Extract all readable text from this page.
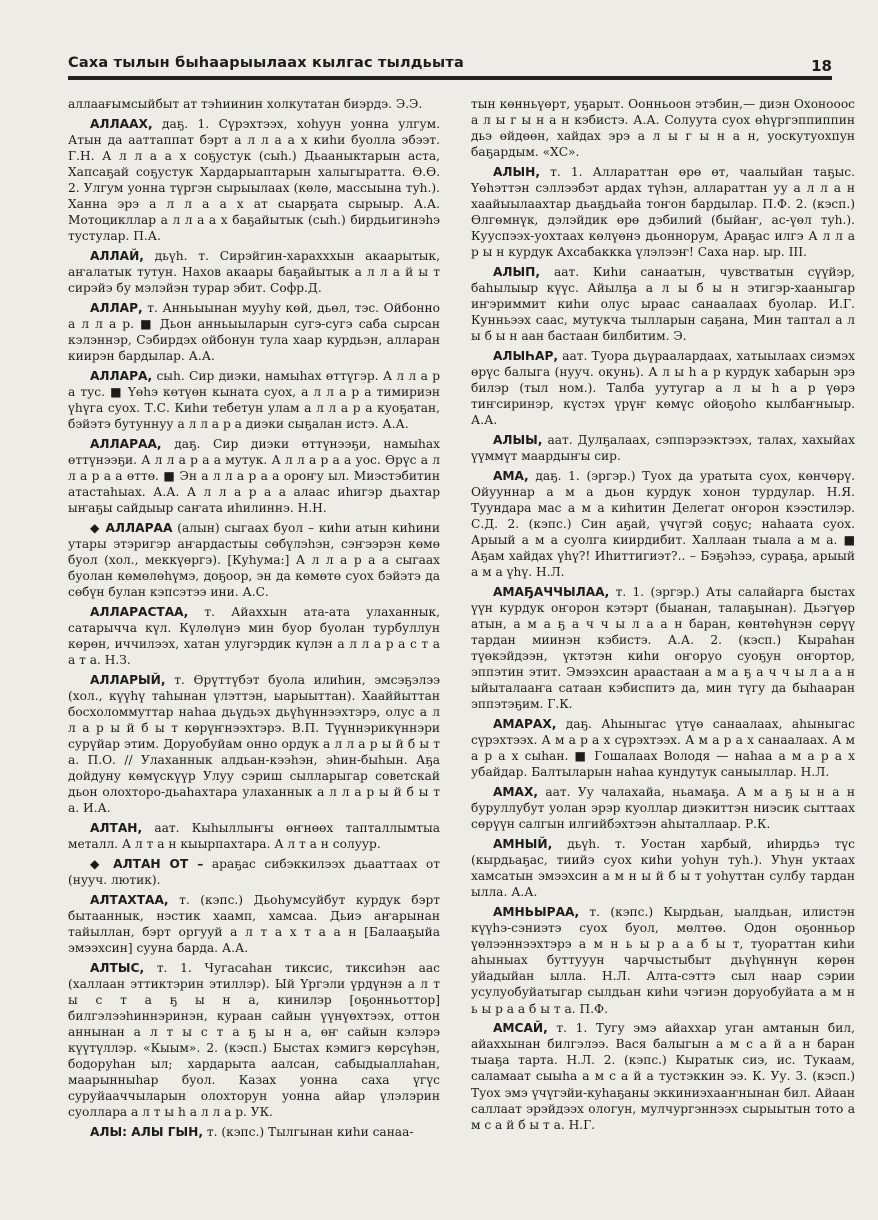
Саха тылын быһаарыылаах кылгас тылдьыта	18

аллаағымсыйбыт ат тэһиинин холкутатан биэрдэ. Э.Э.

АЛЛААХ, даҕ. 1. Сүрэхтээх, хоһуун уонна улгум. Атын да ааттаппат бэрт а л л а а х киһи буолла эбээт. Г.Н. А л л а а х соҕустук (сыһ.) Дьааныктарын аста, Хапсаҕай соҕустук Хардарыаптарын халыгыратта. Ө.Ө. 2. Улгум уонна түргэн сырыылаах (көлө, массыына туһ.). Ханна эрэ а л л а а х ат сыарҕата сырыыр. А.А. Мотоцикллар а л л а а х баҕайытык (сыһ.) бирдьигинэһэ тустулар. П.А.

АЛЛАЙ, дьүһ. т. Сирэйгин-харахххын акаарытык, аҥалатык тутун. Нахов акаары баҕайытык а л л а й ы т сирэйэ бу мэлэйэн турар эбит. Софр.Д.

АЛЛАР, т. Анньыынан мууһу көй, дьөл, тэс. Ойбонно а л л а р. ■ Дьон анньыыларын сугэ-сугэ саба сырсан кэлэннэр, Сэбирдэх ойбонун тула хаар курдьэн, алларан киирэн бардылар. А.А.

АЛЛАРА, сыһ. Сир диэки, намыһах өттүгэр. А л л а р а тус. ■ Үөһэ көтүөн кыната суох, а л л а р а тимириэн үһүга суох. Т.С. Киһи тебетун улам а л л а р а куоҕатан, бэйэтэ бутуннуу а л л а р а диэки сыҕалан истэ. А.А.

АЛЛАРАА, даҕ. Сир диэки өттүнээҕи, намыһах өттүнээҕи. А л л а р а а мутук. А л л а р а а уос. Өрүс а л л а р а а өттө. ■ Эн а л л а р а а ороҥу ыл. Миэстэбитин атастаһыах. А.А. А л л а р а а алаас иһигэр дьахтар ыҥаҕы сайдыыр саҥата иһилиннэ. Н.Н.

◆ АЛЛАРАА (алын) сыгаах буол – киһи атын киһини утары этэригэр аҥардастыы сөбүлэһэн, сэҥээрэн көмө буол (хол., меккүөргэ). [Куһума:] А л л а р а а сыгаах буолан көмөлөһүмэ, доҕоор, эн да көмөтө суох бэйэтэ да сөбүн булан кэпсэтээ ини. А.С.

АЛЛАРАСТАА, т. Айаххын ата-ата улаханнык, сатарычча күл. Күлөлүнэ мин буор буолан турбуллун көрөн, иччилээх, хатан улугэрдик күлэн а л л а р а с т а а т а. Н.З.

АЛЛАРЫЙ, т. Өрүттүбэт буола илиһин, эмсэҕэлээ (хол., күүһү таһынан үлэттэн, ыарыыттан). Хааййыттан босхоломмуттар наһаа дьүдьэх дьүһүннээхтэрэ, олус а л л а р ы й б ы т көрүҥнээхтэрэ. В.П. Түүннэрикүннэри сурүйар этим. Доруобуйам онно ордук а л л а р ы й б ы т а. П.О. // Улаханнык алдьан-кээһэн, эһин-быһын. Аҕа дойдуну көмүскүүр Улуу сэриш сылларыгар советскай дьон олохторо-дьаһахтара улаханнык а л л а р ы й б ы т а. И.А.

АЛТАН, аат. Кыһыллыҥы өҥнөөх тапталлымтыа металл. А л т а н кыырпахтара. А л т а н солуур.

◆ АЛТАН ОТ – араҕас сибэккилээх дьааттаах от (нууч. лютик).

АЛТАХТАА, т. (кэпс.) Дьоһумсуйбут курдук бэрт бытааннык, нэстик хаамп, хамсаа. Дьиэ аҥарынан тайыллан, бэрт оргууй а л т а х т а а н [Балааҕыйа эмээхсин] сууна барда. А.А.

АЛТЫС, т. 1. Чугасаһан тиксис, тиксиһэн аас (халлаан эттиктэрин этиллэр). Ый Үргэли үрдүнэн а л т ы с т а ҕ ы н а, кинилэр [оҕонньоттор] билгэлээһиннэринэн, кураан сайын үүнүөхтээх, оттон аннынан а л т ы с т а ҕ ы н а, өҥ сайын кэлэрэ күүтүллэр. «Кыым». 2. (кэсп.) Быстах кэмигэ көрсүһэн, бодоруһан ыл; хардарыта аалсан, сабыдыаллаһан, маарынныһар буол. Казах уонна саха үгүс суруйааччыларын олохторун уонна айар үлэлэрин суоллара а л т ы һ а л л а р. УК.

АЛЫ: АЛЫ ГЫН, т. (кэпс.) Тылгынан киһи санаа-

тын көнньүөрт, уҕарыт. Оонньоон этэбин,— диэн Охонооос а л ы г ы н а н кэбистэ. А.А. Солуута суох өһүргэппиппин дьэ өйдөөн, хайдах эрэ а л ы г ы н а н, уоскутуохпун баҕардым. «ХС».

АЛЫН, т. 1. Аллараттан өрө өт, чаалыйан таҕыс. Үөһэттэн сэллээбэт ардах түһэн, аллараттан уу а л л а н хаайыылаахтар дьаҕдьайа тоҥон бардылар. П.Ф. 2. (кэсп.) Өлгөмнүк, дэлэйдик өрө дэбилий (быйаҥ, ас-үөл туһ.). Кууспээх-уохтаах көлүөнэ дьоннорум, Араҕас илгэ А л л а р ы н курдук Ахсабаккка үлэлээҥ! Саха нар. ыр. III.

АЛЫП, аат. Киһи санаатын, чувстватын сүүйэр, баһылыыр күүс. Айылҕа а л ы б ы н этигэр-хааныгар иҥэриммит киһи олус ыраас санаалаах буолар. И.Г. Кунньээх саас, мутукча тылларын саҕана, Мин таптал а л ы б ы н аан бастаан билбитим. Э.

АЛЫҺАР, аат. Туора дьүраалардаах, хатыылаах сиэмэх өрүс балыга (нууч. окунь). А л ы һ а р курдук хабарын эрэ билэр (тыл ном.). Талба уутугар а л ы һ а р үөрэ тиҥсиринэр, күстэх үрүҥ көмүс ойоҕоһо кылбаҥныыр. А.А.

АЛЫЫ, аат. Дулҕалаах, сэппэрээктээх, талах, хахыйах үүммүт маардыҥы сир.

АМА, даҕ. 1. (эргэр.) Туох да уратыта суох, көнчөрү. Ойууннар а м а дьон курдук хонон турдулар. Н.Я. Туундара мас а м а киһитин Делегат оҥорон кээстилэр. С.Д. 2. (кэпс.) Син аҕай, үчүгэй соҕус; наһаата суох. Арыый а м а суолга киирдибит. Халлаан тыала а м а. ■ Аҕам хайдах үһү?! Иһиттигиэт?.. – Бэҕэһээ, сураҕа, арыый а м а үһү. Н.Л.

АМАҔАЧЧЫЛАА, т. 1. (эргэр.) Аты салайарга быстах үүн курдук оҥорон кэтэрт (быанан, талаҕынан). Дьэгүөр атын, а м а ҕ а ч ч ы л а а н баран, көнтөһүнэн сөрүү тардан миинэн кэбистэ. А.А. 2. (кэсп.) Кыраһан түөкэйдээн, үктэтэн киһи оҥоруо суоҕун оҥортор, эппэтин этит. Эмээхсин араастаан а м а ҕ а ч ч ы л а а н ыйыталааҥа сатаан кэбиспитэ да, мин түгу да быһааран эппэтэҕим. Г.К.

АМАРАХ, даҕ. Аһыныгас үтүө санаалаах, аһыныгас сүрэхтээх. А м а р а х сүрэхтээх. А м а р а х санаалаах. А м а р а х сыһан. ■ Гошалаах Володя — наһаа а м а р а х убайдар. Балтыларын наһаа кундутук саныыллар. Н.Л.

АМАХ, аат. Уу чалахайа, ньамаҕа. А м а ҕ ы н а н буруллубут уолан эрэр куоллар диэкиттэн ниэсик сыттаах сөрүүн салгын илгийбэхтээн аһыталлаар. Р.К.

АМНЫЙ, дьүһ. т. Уостан харбый, иһирдьэ түс (кырдьаҕас, тиийэ суох киһи уоһун туһ.). Уһун уктаах хамсатын эмээхсин а м н ы й б ы т уоһуттан сулбу тардан ылла. А.А.

АМНЬЫРАА, т. (кэпс.) Кырдьан, ыалдьан, илистэн күүһэ-сэниэтэ суох буол, мөлтөө. Одон оҕонньор үөлээннээхтэрэ а м н ь ы р а а б ы т, туораттан киһи аһыныах буттууун чарчыстыбыт дьүһүннүн көрөн уйадыйан ылла. Н.Л. Алта-сэттэ сыл наар сэрии усулуобуйатыгар сылдьан киһи чэгиэн доруобуйата а м н ь ы р а а б ы т а. П.Ф.

АМСАЙ, т. 1. Тугу эмэ айаххар уган амтанын бил, айаххынан билгэлээ. Вася балыгын а м с а й а н баран тыаҕа тарта. Н.Л. 2. (кэпс.) Кыратык сиэ, ис. Тукаам, саламаат сыыһа а м с а й а тустэккин ээ. К. Уу. 3. (кэсп.) Туох эмэ үчүгэйи-кyһаҕаны эккиниэхааҥнынан бил. Айаан саллаат эрэйдээх ологун, мулчургэннээх сырыытын тото а м с а й б ы т а. Н.Г.
